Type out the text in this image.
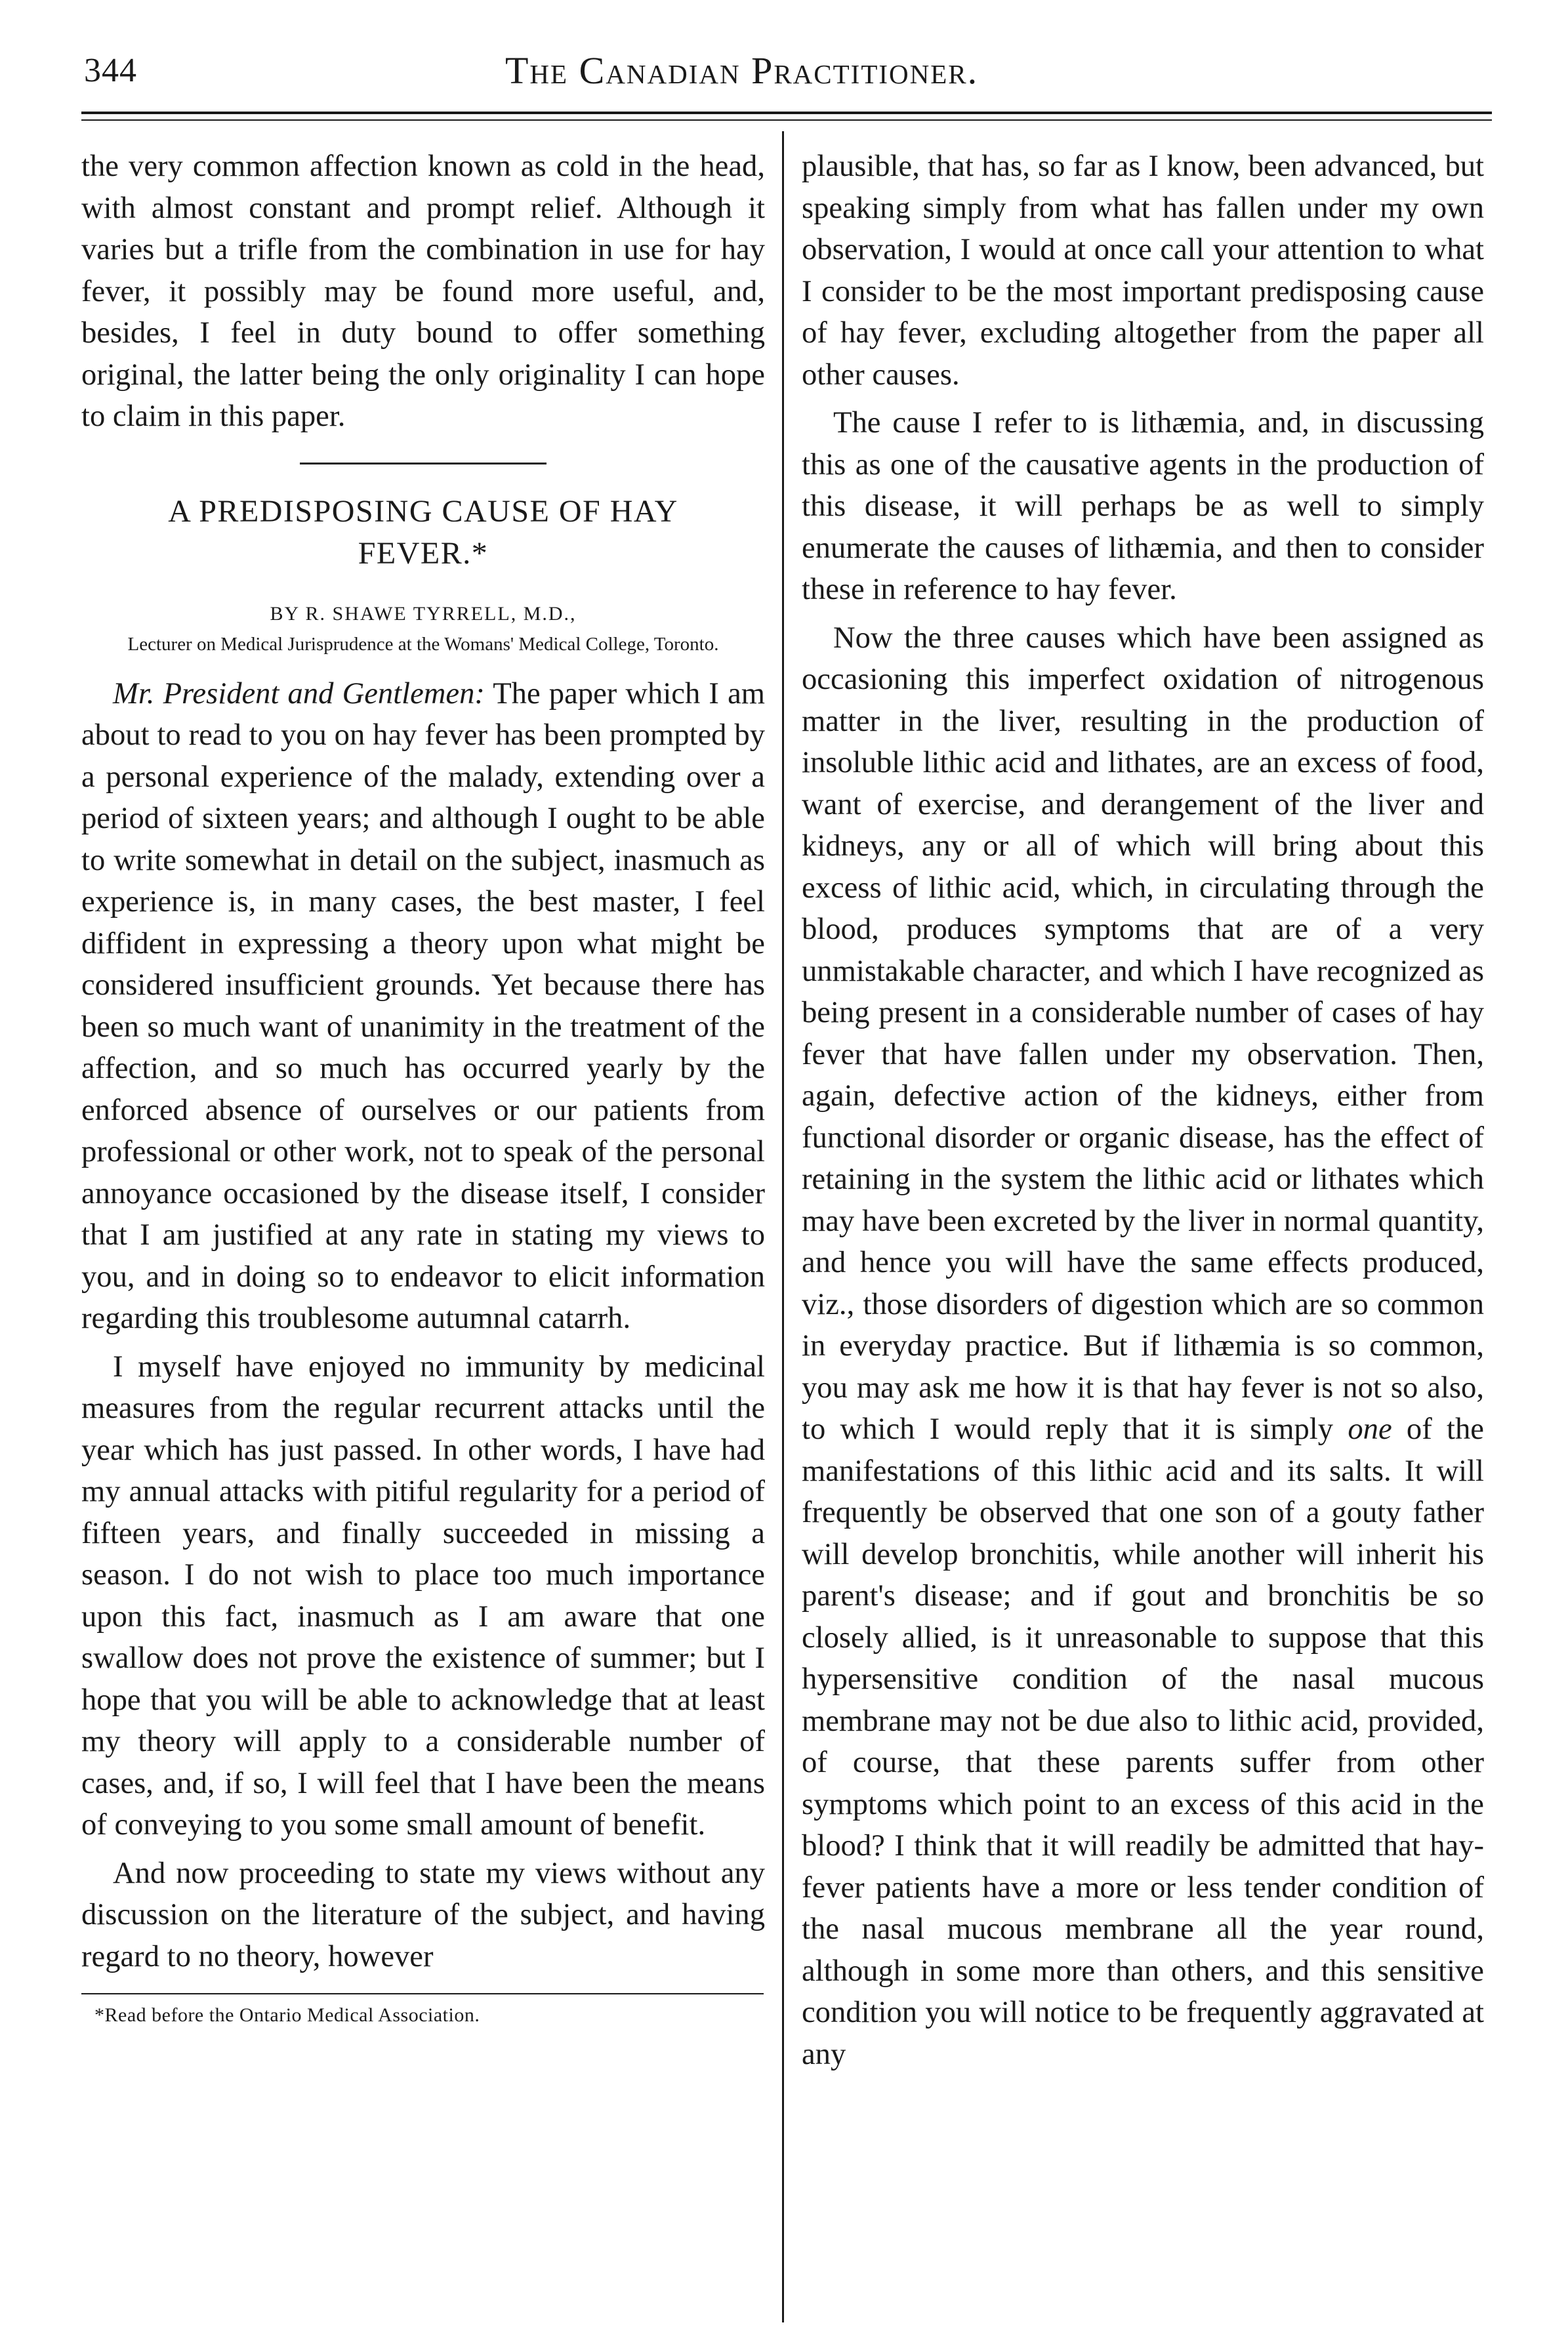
344	The Canadian Practitioner.

the very common affection known as cold in the head, with almost constant and prompt relief. Although it varies but a trifle from the combination in use for hay fever, it possibly may be found more useful, and, besides, I feel in duty bound to offer something original, the latter being the only originality I can hope to claim in this paper.

A PREDISPOSING CAUSE OF HAY FEVER.*
BY R. SHAWE TYRRELL, M.D.,
Lecturer on Medical Jurisprudence at the Womans' Medical College, Toronto.

Mr. President and Gentlemen: The paper which I am about to read to you on hay fever has been prompted by a personal experience of the malady, extending over a period of sixteen years; and although I ought to be able to write somewhat in detail on the subject, inasmuch as experience is, in many cases, the best master, I feel diffident in expressing a theory upon what might be considered insufficient grounds. Yet because there has been so much want of unanimity in the treatment of the affection, and so much has occurred yearly by the enforced absence of ourselves or our patients from professional or other work, not to speak of the personal annoyance occasioned by the disease itself, I consider that I am justified at any rate in stating my views to you, and in doing so to endeavor to elicit information regarding this troublesome autumnal catarrh.

I myself have enjoyed no immunity by medicinal measures from the regular recurrent attacks until the year which has just passed. In other words, I have had my annual attacks with pitiful regularity for a period of fifteen years, and finally succeeded in missing a season. I do not wish to place too much importance upon this fact, inasmuch as I am aware that one swallow does not prove the existence of summer; but I hope that you will be able to acknowledge that at least my theory will apply to a considerable number of cases, and, if so, I will feel that I have been the means of conveying to you some small amount of benefit.

And now proceeding to state my views without any discussion on the literature of the subject, and having regard to no theory, however

*Read before the Ontario Medical Association.

plausible, that has, so far as I know, been advanced, but speaking simply from what has fallen under my own observation, I would at once call your attention to what I consider to be the most important predisposing cause of hay fever, excluding altogether from the paper all other causes.

The cause I refer to is lithæmia, and, in discussing this as one of the causative agents in the production of this disease, it will perhaps be as well to simply enumerate the causes of lithæmia, and then to consider these in reference to hay fever.

Now the three causes which have been assigned as occasioning this imperfect oxidation of nitrogenous matter in the liver, resulting in the production of insoluble lithic acid and lithates, are an excess of food, want of exercise, and derangement of the liver and kidneys, any or all of which will bring about this excess of lithic acid, which, in circulating through the blood, produces symptoms that are of a very unmistakable character, and which I have recognized as being present in a considerable number of cases of hay fever that have fallen under my observation. Then, again, defective action of the kidneys, either from functional disorder or organic disease, has the effect of retaining in the system the lithic acid or lithates which may have been excreted by the liver in normal quantity, and hence you will have the same effects produced, viz., those disorders of digestion which are so common in everyday practice. But if lithæmia is so common, you may ask me how it is that hay fever is not so also, to which I would reply that it is simply one of the manifestations of this lithic acid and its salts. It will frequently be observed that one son of a gouty father will develop bronchitis, while another will inherit his parent's disease; and if gout and bronchitis be so closely allied, is it unreasonable to suppose that this hypersensitive condition of the nasal mucous membrane may not be due also to lithic acid, provided, of course, that these parents suffer from other symptoms which point to an excess of this acid in the blood? I think that it will readily be admitted that hay-fever patients have a more or less tender condition of the nasal mucous membrane all the year round, although in some more than others, and this sensitive condition you will notice to be frequently aggravated at any
